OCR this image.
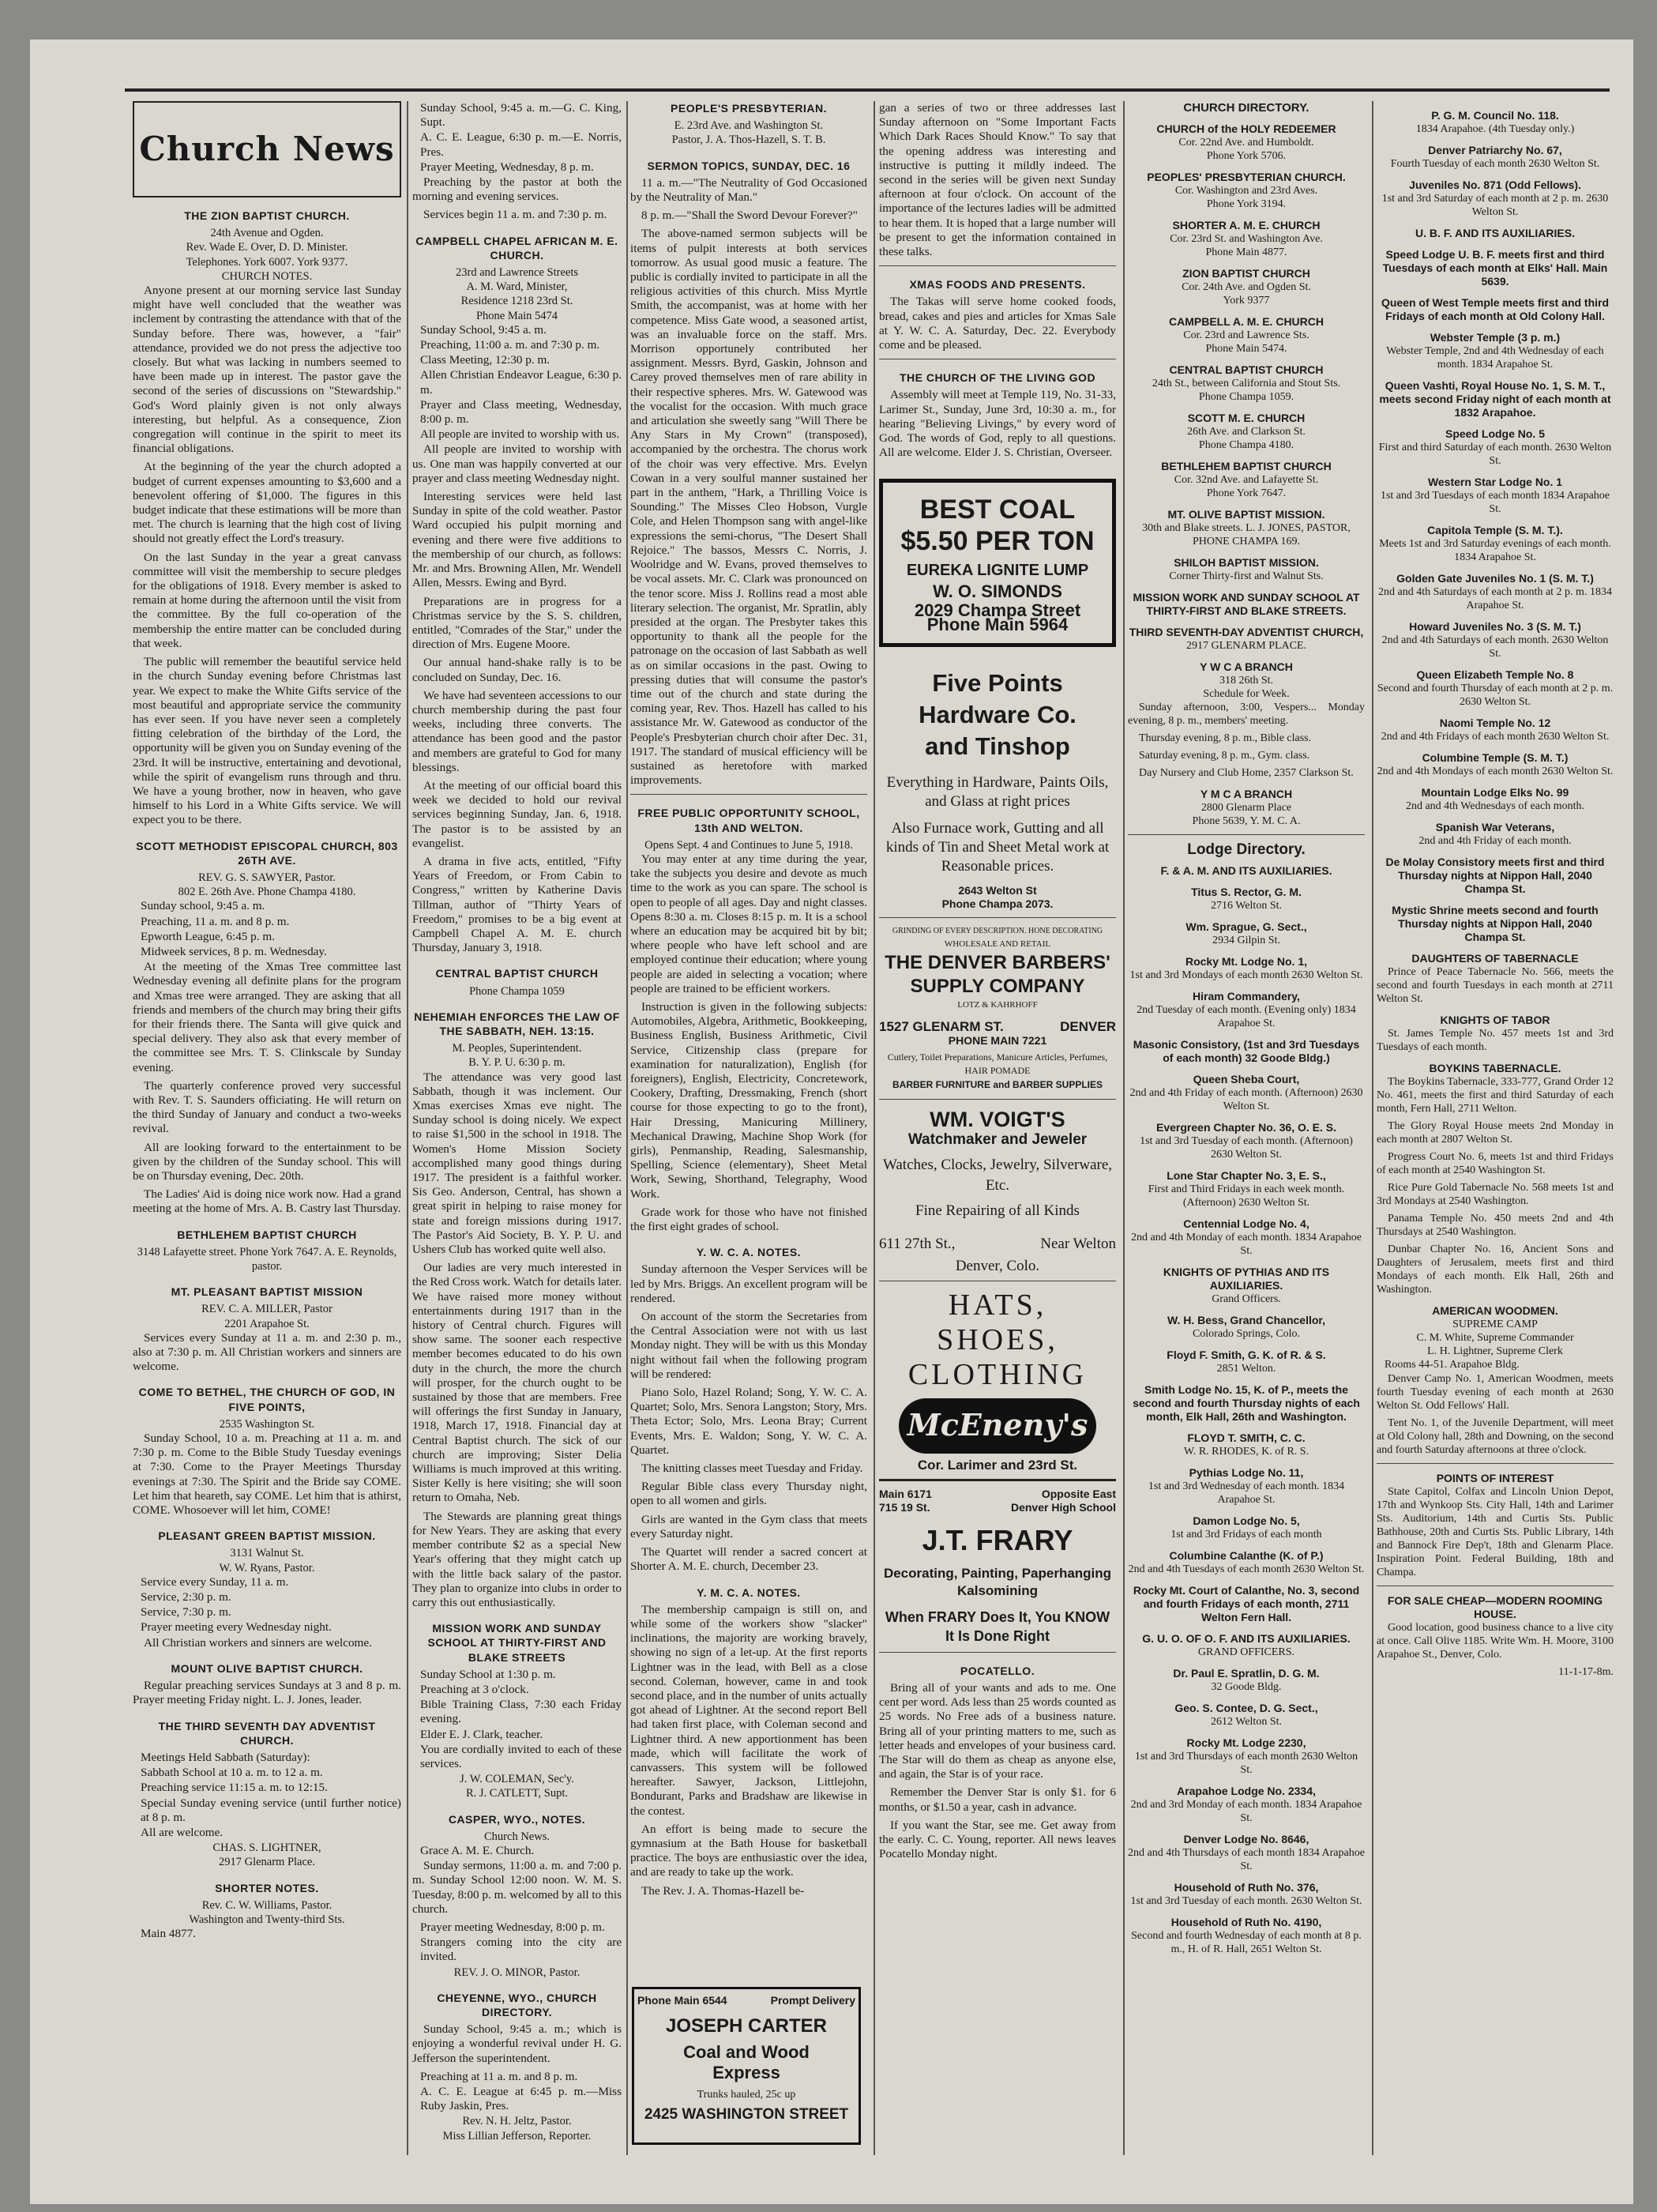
Church News
THE ZION BAPTIST CHURCH.

24th Avenue and Ogden.

Rev. Wade E. Over, D. D. Minister.

Telephones. York 6007. York 9377.

CHURCH NOTES.

Anyone present at our morning service last Sunday might have well concluded that the weather was inclement by contrasting the attendance with that of the Sunday before. There was, however, a "fair" attendance, provided we do not press the adjective too closely. But what was lacking in numbers seemed to have been made up in interest. The pastor gave the second of the series of discussions on "Stewardship." God's Word plainly given is not only always interesting, but helpful. As a consequence, Zion congregation will continue in the spirit to meet its financial obligations.

At the beginning of the year the church adopted a budget of current expenses amounting to $3,600 and a benevolent offering of $1,000. The figures in this budget indicate that these estimations will be more than met. The church is learning that the high cost of living should not greatly effect the Lord's treasury.

On the last Sunday in the year a great canvass committee will visit the membership to secure pledges for the obligations of 1918. Every member is asked to remain at home during the afternoon until the visit from the committee. By the full co-operation of the membership the entire matter can be concluded during that week.

The public will remember the beautiful service held in the church Sunday evening before Christmas last year. We expect to make the White Gifts service of the most beautiful and appropriate service the community has ever seen. If you have never seen a completely fitting celebration of the birthday of the Lord, the opportunity will be given you on Sunday evening of the 23rd. It will be instructive, entertaining and devotional, while the spirit of evangelism runs through and thru. We have a young brother, now in heaven, who gave himself to his Lord in a White Gifts service. We will expect you to be there.

SCOTT METHODIST EPISCOPAL CHURCH, 803 26TH AVE.

REV. G. S. SAWYER, Pastor.

802 E. 26th Ave. Phone Champa 4180.

Sunday school, 9:45 a. m.

Preaching, 11 a. m. and 8 p. m.

Epworth League, 6:45 p. m.

Midweek services, 8 p. m. Wednesday.

At the meeting of the Xmas Tree committee last Wednesday evening all definite plans for the program and Xmas tree were arranged. They are asking that all friends and members of the church may bring their gifts for their friends there. The Santa will give quick and special delivery. They also ask that every member of the committee see Mrs. T. S. Clinkscale by Sunday evening.

The quarterly conference proved very successful with Rev. T. S. Saunders officiating. He will return on the third Sunday of January and conduct a two-weeks revival.

All are looking forward to the entertainment to be given by the children of the Sunday school. This will be on Thursday evening, Dec. 20th.

The Ladies' Aid is doing nice work now. Had a grand meeting at the home of Mrs. A. B. Castry last Thursday.

BETHLEHEM BAPTIST CHURCH

3148 Lafayette street. Phone York 7647. A. E. Reynolds, pastor.

MT. PLEASANT BAPTIST MISSION

REV. C. A. MILLER, Pastor

2201 Arapahoe St.

Services every Sunday at 11 a. m. and 2:30 p. m., also at 7:30 p. m. All Christian workers and sinners are welcome.

COME TO BETHEL, THE CHURCH OF GOD, IN FIVE POINTS,

2535 Washington St.

Sunday School, 10 a. m. Preaching at 11 a. m. and 7:30 p. m. Come to the Bible Study Tuesday evenings at 7:30. Come to the Prayer Meetings Thursday evenings at 7:30. The Spirit and the Bride say COME. Let him that heareth, say COME. Let him that is athirst, COME. Whosoever will let him, COME!

PLEASANT GREEN BAPTIST MISSION.

3131 Walnut St.

W. W. Ryans, Pastor.

Service every Sunday, 11 a. m.

Service, 2:30 p. m.

Service, 7:30 p. m.

Prayer meeting every Wednesday night.

All Christian workers and sinners are welcome.

MOUNT OLIVE BAPTIST CHURCH.

Regular preaching services Sundays at 3 and 8 p. m. Prayer meeting Friday night. L. J. Jones, leader.

THE THIRD SEVENTH DAY ADVENTIST CHURCH.

Meetings Held Sabbath (Saturday):

Sabbath School at 10 a. m. to 12 a. m.

Preaching service 11:15 a. m. to 12:15.

Special Sunday evening service (until further notice) at 8 p. m.

All are welcome.

CHAS. S. LIGHTNER,

2917 Glenarm Place.

SHORTER NOTES.

Rev. C. W. Williams, Pastor.

Washington and Twenty-third Sts.

Main 4877.

Sunday School, 9:45 a. m.—G. C. King, Supt.

A. C. E. League, 6:30 p. m.—E. Norris, Pres.

Prayer Meeting, Wednesday, 8 p. m.

Preaching by the pastor at both the morning and evening services.

Services begin 11 a. m. and 7:30 p. m.

CAMPBELL CHAPEL AFRICAN M. E. CHURCH.

23rd and Lawrence Streets

A. M. Ward, Minister,

Residence 1218 23rd St.

Phone Main 5474

Sunday School, 9:45 a. m.

Preaching, 11:00 a. m. and 7:30 p. m.

Class Meeting, 12:30 p. m.

Allen Christian Endeavor League, 6:30 p. m.

Prayer and Class meeting, Wednesday, 8:00 p. m.

All people are invited to worship with us.

All people are invited to worship with us. One man was happily converted at our prayer and class meeting Wednesday night.

Interesting services were held last Sunday in spite of the cold weather. Pastor Ward occupied his pulpit morning and evening and there were five additions to the membership of our church, as follows: Mr. and Mrs. Browning Allen, Mr. Wendell Allen, Messrs. Ewing and Byrd.

Preparations are in progress for a Christmas service by the S. S. children, entitled, "Comrades of the Star," under the direction of Mrs. Eugene Moore.

Our annual hand-shake rally is to be concluded on Sunday, Dec. 16.

We have had seventeen accessions to our church membership during the past four weeks, including three converts. The attendance has been good and the pastor and members are grateful to God for many blessings.

At the meeting of our official board this week we decided to hold our revival services beginning Sunday, Jan. 6, 1918. The pastor is to be assisted by an evangelist.

A drama in five acts, entitled, "Fifty Years of Freedom, or From Cabin to Congress," written by Katherine Davis Tillman, author of "Thirty Years of Freedom," promises to be a big event at Campbell Chapel A. M. E. church Thursday, January 3, 1918.

CENTRAL BAPTIST CHURCH

Phone Champa 1059

NEHEMIAH ENFORCES THE LAW OF THE SABBATH, NEH. 13:15.

M. Peoples, Superintendent.

B. Y. P. U. 6:30 p. m.

The attendance was very good last Sabbath, though it was inclement. Our Xmas exercises Xmas eve night. The Sunday school is doing nicely. We expect to raise $1,500 in the school in 1918. The Women's Home Mission Society accomplished many good things during 1917. The president is a faithful worker. Sis Geo. Anderson, Central, has shown a great spirit in helping to raise money for state and foreign missions during 1917. The Pastor's Aid Society, B. Y. P. U. and Ushers Club has worked quite well also.

Our ladies are very much interested in the Red Cross work. Watch for details later. We have raised more money without entertainments during 1917 than in the history of Central church. Figures will show same. The sooner each respective member becomes educated to do his own duty in the church, the more the church will prosper, for the church ought to be sustained by those that are members. Free will offerings the first Sunday in January, 1918, March 17, 1918. Financial day at Central Baptist church. The sick of our church are improving; Sister Delia Williams is much improved at this writing. Sister Kelly is here visiting; she will soon return to Omaha, Neb.

The Stewards are planning great things for New Years. They are asking that every member contribute $2 as a special New Year's offering that they might catch up with the little back salary of the pastor. They plan to organize into clubs in order to carry this out enthusiastically.

MISSION WORK AND SUNDAY SCHOOL AT THIRTY-FIRST AND BLAKE STREETS

Sunday School at 1:30 p. m.

Preaching at 3 o'clock.

Bible Training Class, 7:30 each Friday evening.

Elder E. J. Clark, teacher.

You are cordially invited to each of these services.

J. W. COLEMAN, Sec'y.

R. J. CATLETT, Supt.

CASPER, WYO., NOTES.

Church News.

Grace A. M. E. Church.

Sunday sermons, 11:00 a. m. and 7:00 p. m. Sunday School 12:00 noon. W. M. S. Tuesday, 8:00 p. m. welcomed by all to this church.

Prayer meeting Wednesday, 8:00 p. m.

Strangers coming into the city are invited.

REV. J. O. MINOR, Pastor.

CHEYENNE, WYO., CHURCH DIRECTORY.

Sunday School, 9:45 a. m.; which is enjoying a wonderful revival under H. G. Jefferson the superintendent.

Preaching at 11 a. m. and 8 p. m.

A. C. E. League at 6:45 p. m.—Miss Ruby Jaskin, Pres.

Rev. N. H. Jeltz, Pastor.

Miss Lillian Jefferson, Reporter.

PEOPLE'S PRESBYTERIAN.

E. 23rd Ave. and Washington St.

Pastor, J. A. Thos-Hazell, S. T. B.

SERMON TOPICS, SUNDAY, DEC. 16

11 a. m.—"The Neutrality of God Occasioned by the Neutrality of Man."

8 p. m.—"Shall the Sword Devour Forever?"

The above-named sermon subjects will be items of pulpit interests at both services tomorrow. As usual good music a feature. The public is cordially invited to participate in all the religious activities of this church. Miss Myrtle Smith, the accompanist, was at home with her competence. Miss Gate wood, a seasoned artist, was an invaluable force on the staff. Mrs. Morrison opportunely contributed her assignment. Messrs. Byrd, Gaskin, Johnson and Carey proved themselves men of rare ability in their respective spheres. Mrs. W. Gatewood was the vocalist for the occasion. With much grace and articulation she sweetly sang "Will There be Any Stars in My Crown" (transposed), accompanied by the orchestra. The chorus work of the choir was very effective. Mrs. Evelyn Cowan in a very soulful manner sustained her part in the anthem, "Hark, a Thrilling Voice is Sounding." The Misses Cleo Hobson, Vurgle Cole, and Helen Thompson sang with angel-like expressions the semi-chorus, "The Desert Shall Rejoice." The bassos, Messrs C. Norris, J. Woolridge and W. Evans, proved themselves to be vocal assets. Mr. C. Clark was pronounced on the tenor score. Miss J. Rollins read a most able literary selection. The organist, Mr. Spratlin, ably presided at the organ. The Presbyter takes this opportunity to thank all the people for the patronage on the occasion of last Sabbath as well as on similar occasions in the past. Owing to pressing duties that will consume the pastor's time out of the church and state during the coming year, Rev. Thos. Hazell has called to his assistance Mr. W. Gatewood as conductor of the People's Presbyterian church choir after Dec. 31, 1917. The standard of musical efficiency will be sustained as heretofore with marked improvements.

FREE PUBLIC OPPORTUNITY SCHOOL, 13th AND WELTON.

Opens Sept. 4 and Continues to June 5, 1918.

You may enter at any time during the year, take the subjects you desire and devote as much time to the work as you can spare. The school is open to people of all ages. Day and night classes. Opens 8:30 a. m. Closes 8:15 p. m. It is a school where an education may be acquired bit by bit; where people who have left school and are employed continue their education; where young people are aided in selecting a vocation; where people are trained to be efficient workers.

Instruction is given in the following subjects: Automobiles, Algebra, Arithmetic, Bookkeeping, Business English, Business Arithmetic, Civil Service, Citizenship class (prepare for examination for naturalization), English (for foreigners), English, Electricity, Concretework, Cookery, Drafting, Dressmaking, French (short course for those expecting to go to the front), Hair Dressing, Manicuring Millinery, Mechanical Drawing, Machine Shop Work (for girls), Penmanship, Reading, Salesmanship, Spelling, Science (elementary), Sheet Metal Work, Sewing, Shorthand, Telegraphy, Wood Work.

Grade work for those who have not finished the first eight grades of school.

Y. W. C. A. NOTES.

Sunday afternoon the Vesper Services will be led by Mrs. Briggs. An excellent program will be rendered.

On account of the storm the Secretaries from the Central Association were not with us last Monday night. They will be with us this Monday night without fail when the following program will be rendered:

Piano Solo, Hazel Roland; Song, Y. W. C. A. Quartet; Solo, Mrs. Senora Langston; Story, Mrs. Theta Ector; Solo, Mrs. Leona Bray; Current Events, Mrs. E. Waldon; Song, Y. W. C. A. Quartet.

The knitting classes meet Tuesday and Friday.

Regular Bible class every Thursday night, open to all women and girls.

Girls are wanted in the Gym class that meets every Saturday night.

The Quartet will render a sacred concert at Shorter A. M. E. church, December 23.

Y. M. C. A. NOTES.

The membership campaign is still on, and while some of the workers show "slacker" inclinations, the majority are working bravely, showing no sign of a let-up. At the first reports Lightner was in the lead, with Bell as a close second. Coleman, however, came in and took second place, and in the number of units actually got ahead of Lightner. At the second report Bell had taken first place, with Coleman second and Lightner third. A new apportionment has been made, which will facilitate the work of canvassers. This system will be followed hereafter. Sawyer, Jackson, Littlejohn, Bondurant, Parks and Bradshaw are likewise in the contest.

An effort is being made to secure the gymnasium at the Bath House for basketball practice. The boys are enthusiastic over the idea, and are ready to take up the work.

The Rev. J. A. Thomas-Hazell be-

Phone Main 6544	Prompt Delivery
JOSEPH CARTER
Coal and Wood
Express
Trunks hauled, 25c up
2425 WASHINGTON STREET

gan a series of two or three addresses last Sunday afternoon on "Some Important Facts Which Dark Races Should Know." To say that the opening address was interesting and instructive is putting it mildly indeed. The second in the series will be given next Sunday afternoon at four o'clock. On account of the importance of the lectures ladies will be admitted to hear them. It is hoped that a large number will be present to get the information contained in these talks.

XMAS FOODS AND PRESENTS.

The Takas will serve home cooked foods, bread, cakes and pies and articles for Xmas Sale at Y. W. C. A. Saturday, Dec. 22. Everybody come and be pleased.

THE CHURCH OF THE LIVING GOD

Assembly will meet at Temple 119, No. 31-33, Larimer St., Sunday, June 3rd, 10:30 a. m., for hearing "Believing Livings," by every word of God. The words of God, reply to all questions. All are welcome. Elder J. S. Christian, Overseer.

BEST COAL
$5.50 PER TON
EUREKA LIGNITE LUMP
W. O. SIMONDS
2029 Champa Street
Phone Main 5964
Five Points
Hardware Co.
and Tinshop
Everything in Hardware, Paints Oils, and Glass at right prices
Also Furnace work, Gutting and all kinds of Tin and Sheet Metal work at Reasonable prices.
2643 Welton St
Phone Champa 2073.
GRINDING OF EVERY DESCRIPTION. HONE DECORATING
WHOLESALE AND RETAIL
THE DENVER BARBERS'
SUPPLY COMPANY
LOTZ & KAHRHOFF
1527 GLENARM ST.	DENVER
PHONE MAIN 7221
Cutlery, Toilet Preparations, Manicure Articles, Perfumes, HAIR POMADE
BARBER FURNITURE and BARBER SUPPLIES
WM. VOIGT'S
Watchmaker and Jeweler
Watches, Clocks, Jewelry, Silverware, Etc.
Fine Repairing of all Kinds
611 27th St.,	Near Welton
Denver, Colo.
HATS,
SHOES,
CLOTHING
McEneny's
Cor. Larimer and 23rd St.
Main 6171	Opposite East
715 19 St.	Denver High School
J.T. FRARY
Decorating, Painting, Paperhanging Kalsomining
When FRARY Does It, You KNOW It Is Done Right
POCATELLO.

Bring all of your wants and ads to me. One cent per word. Ads less than 25 words counted as 25 words. No Free ads of a business nature. Bring all of your printing matters to me, such as letter heads and envelopes of your business card. The Star will do them as cheap as anyone else, and again, the Star is of your race.

Remember the Denver Star is only $1. for 6 months, or $1.50 a year, cash in advance.

If you want the Star, see me. Get away from the early. C. C. Young, reporter. All news leaves Pocatello Monday night.

CHURCH DIRECTORY.
CHURCH of the HOLY REDEEMER

Cor. 22nd Ave. and Humboldt.

Phone York 5706.

PEOPLES' PRESBYTERIAN CHURCH.

Cor. Washington and 23rd Aves.

Phone York 3194.

SHORTER A. M. E. CHURCH

Cor. 23rd St. and Washington Ave.

Phone Main 4877.

ZION BAPTIST CHURCH

Cor. 24th Ave. and Ogden St.

York 9377

CAMPBELL A. M. E. CHURCH

Cor. 23rd and Lawrence Sts.

Phone Main 5474.

CENTRAL BAPTIST CHURCH

24th St., between California and Stout Sts.

Phone Champa 1059.

SCOTT M. E. CHURCH

26th Ave. and Clarkson St.

Phone Champa 4180.

BETHLEHEM BAPTIST CHURCH

Cor. 32nd Ave. and Lafayette St.

Phone York 7647.

MT. OLIVE BAPTIST MISSION.

30th and Blake streets. L. J. JONES, PASTOR, PHONE CHAMPA 169.

SHILOH BAPTIST MISSION.

Corner Thirty-first and Walnut Sts.

MISSION WORK AND SUNDAY SCHOOL AT THIRTY-FIRST AND BLAKE STREETS.
THIRD SEVENTH-DAY ADVENTIST CHURCH,

2917 GLENARM PLACE.

Y W C A BRANCH

318 26th St.

Schedule for Week.

Sunday afternoon, 3:00, Vespers... Monday evening, 8 p. m., members' meeting.

Thursday evening, 8 p. m., Bible class.

Saturday evening, 8 p. m., Gym. class.

Day Nursery and Club Home, 2357 Clarkson St.

Y M C A BRANCH

2800 Glenarm Place

Phone 5639, Y. M. C. A.

Lodge Directory.
F. & A. M. AND ITS AUXILIARIES.
Titus S. Rector, G. M.

2716 Welton St.

Wm. Sprague, G. Sect.,

2934 Gilpin St.

Rocky Mt. Lodge No. 1,

1st and 3rd Mondays of each month 2630 Welton St.

Hiram Commandery,

2nd Tuesday of each month. (Evening only) 1834 Arapahoe St.

Masonic Consistory, (1st and 3rd Tuesdays of each month) 32 Goode Bldg.)
Queen Sheba Court,

2nd and 4th Friday of each month. (Afternoon) 2630 Welton St.

Evergreen Chapter No. 36, O. E. S.

1st and 3rd Tuesday of each month. (Afternoon) 2630 Welton St.

Lone Star Chapter No. 3, E. S.,

First and Third Fridays in each week month. (Afternoon) 2630 Welton St.

Centennial Lodge No. 4,

2nd and 4th Monday of each month. 1834 Arapahoe St.

KNIGHTS OF PYTHIAS AND ITS AUXILIARIES.

Grand Officers.

W. H. Bess, Grand Chancellor,

Colorado Springs, Colo.

Floyd F. Smith, G. K. of R. & S.

2851 Welton.

Smith Lodge No. 15, K. of P., meets the second and fourth Thursday nights of each month, Elk Hall, 26th and Washington.
FLOYD T. SMITH, C. C.

W. R. RHODES, K. of R. S.

Pythias Lodge No. 11,

1st and 3rd Wednesday of each month. 1834 Arapahoe St.

Damon Lodge No. 5,

1st and 3rd Fridays of each month

Columbine Calanthe (K. of P.)

2nd and 4th Tuesdays of each month 2630 Welton St.

Rocky Mt. Court of Calanthe, No. 3, second and fourth Fridays of each month, 2711 Welton Fern Hall.
G. U. O. OF O. F. AND ITS AUXILIARIES.

GRAND OFFICERS.

Dr. Paul E. Spratlin, D. G. M.

32 Goode Bldg.

Geo. S. Contee, D. G. Sect.,

2612 Welton St.

Rocky Mt. Lodge 2230,

1st and 3rd Thursdays of each month 2630 Welton St.

Arapahoe Lodge No. 2334,

2nd and 3rd Monday of each month. 1834 Arapahoe St.

Denver Lodge No. 8646,

2nd and 4th Thursdays of each month 1834 Arapahoe St.

Household of Ruth No. 376,

1st and 3rd Tuesday of each month. 2630 Welton St.

Household of Ruth No. 4190,

Second and fourth Wednesday of each month at 8 p. m., H. of R. Hall, 2651 Welton St.

P. G. M. Council No. 118.

1834 Arapahoe. (4th Tuesday only.)

Denver Patriarchy No. 67,

Fourth Tuesday of each month 2630 Welton St.

Juveniles No. 871 (Odd Fellows).

1st and 3rd Saturday of each month at 2 p. m. 2630 Welton St.

U. B. F. AND ITS AUXILIARIES.
Speed Lodge U. B. F. meets first and third Tuesdays of each month at Elks' Hall. Main 5639.
Queen of West Temple meets first and third Fridays of each month at Old Colony Hall.
Webster Temple (3 p. m.)

Webster Temple, 2nd and 4th Wednesday of each month. 1834 Arapahoe St.

Queen Vashti, Royal House No. 1, S. M. T., meets second Friday night of each month at 1832 Arapahoe.
Speed Lodge No. 5

First and third Saturday of each month. 2630 Welton St.

Western Star Lodge No. 1

1st and 3rd Tuesdays of each month 1834 Arapahoe St.

Capitola Temple (S. M. T.).

Meets 1st and 3rd Saturday evenings of each month. 1834 Arapahoe St.

Golden Gate Juveniles No. 1 (S. M. T.)

2nd and 4th Saturdays of each month at 2 p. m. 1834 Arapahoe St.

Howard Juveniles No. 3 (S. M. T.)

2nd and 4th Saturdays of each month. 2630 Welton St.

Queen Elizabeth Temple No. 8

Second and fourth Thursday of each month at 2 p. m. 2630 Welton St.

Naomi Temple No. 12

2nd and 4th Fridays of each month 2630 Welton St.

Columbine Temple (S. M. T.)

2nd and 4th Mondays of each month 2630 Welton St.

Mountain Lodge Elks No. 99

2nd and 4th Wednesdays of each month.

Spanish War Veterans,

2nd and 4th Friday of each month.

De Molay Consistory meets first and third Thursday nights at Nippon Hall, 2040 Champa St.
Mystic Shrine meets second and fourth Thursday nights at Nippon Hall, 2040 Champa St.
DAUGHTERS OF TABERNACLE

Prince of Peace Tabernacle No. 566, meets the second and fourth Tuesdays in each month at 2711 Welton St.

KNIGHTS OF TABOR

St. James Temple No. 457 meets 1st and 3rd Tuesdays of each month.

BOYKINS TABERNACLE.

The Boykins Tabernacle, 333-777, Grand Order 12 No. 461, meets the first and third Saturday of each month, Fern Hall, 2711 Welton.

The Glory Royal House meets 2nd Monday in each month at 2807 Welton St.

Progress Court No. 6, meets 1st and third Fridays of each month at 2540 Washington St.

Rice Pure Gold Tabernacle No. 568 meets 1st and 3rd Mondays at 2540 Washington.

Panama Temple No. 450 meets 2nd and 4th Thursdays at 2540 Washington.

Dunbar Chapter No. 16, Ancient Sons and Daughters of Jerusalem, meets first and third Mondays of each month. Elk Hall, 26th and Washington.

AMERICAN WOODMEN.

SUPREME CAMP

C. M. White, Supreme Commander

L. H. Lightner, Supreme Clerk

Rooms 44-51. Arapahoe Bldg.

Denver Camp No. 1, American Woodmen, meets fourth Tuesday evening of each month at 2630 Welton St. Odd Fellows' Hall.

Tent No. 1, of the Juvenile Department, will meet at Old Colony hall, 28th and Downing, on the second and fourth Saturday afternoons at three o'clock.

POINTS OF INTEREST

State Capitol, Colfax and Lincoln Union Depot, 17th and Wynkoop Sts. City Hall, 14th and Larimer Sts. Auditorium, 14th and Curtis Sts. Public Bathhouse, 20th and Curtis Sts. Public Library, 14th and Bannock Fire Dep't, 18th and Glenarm Place. Inspiration Point. Federal Building, 18th and Champa.

FOR SALE CHEAP—MODERN ROOMING HOUSE.

Good location, good business chance to a live city at once. Call Olive 1185. Write Wm. H. Moore, 3100 Arapahoe St., Denver, Colo.

11-1-17-8m.
